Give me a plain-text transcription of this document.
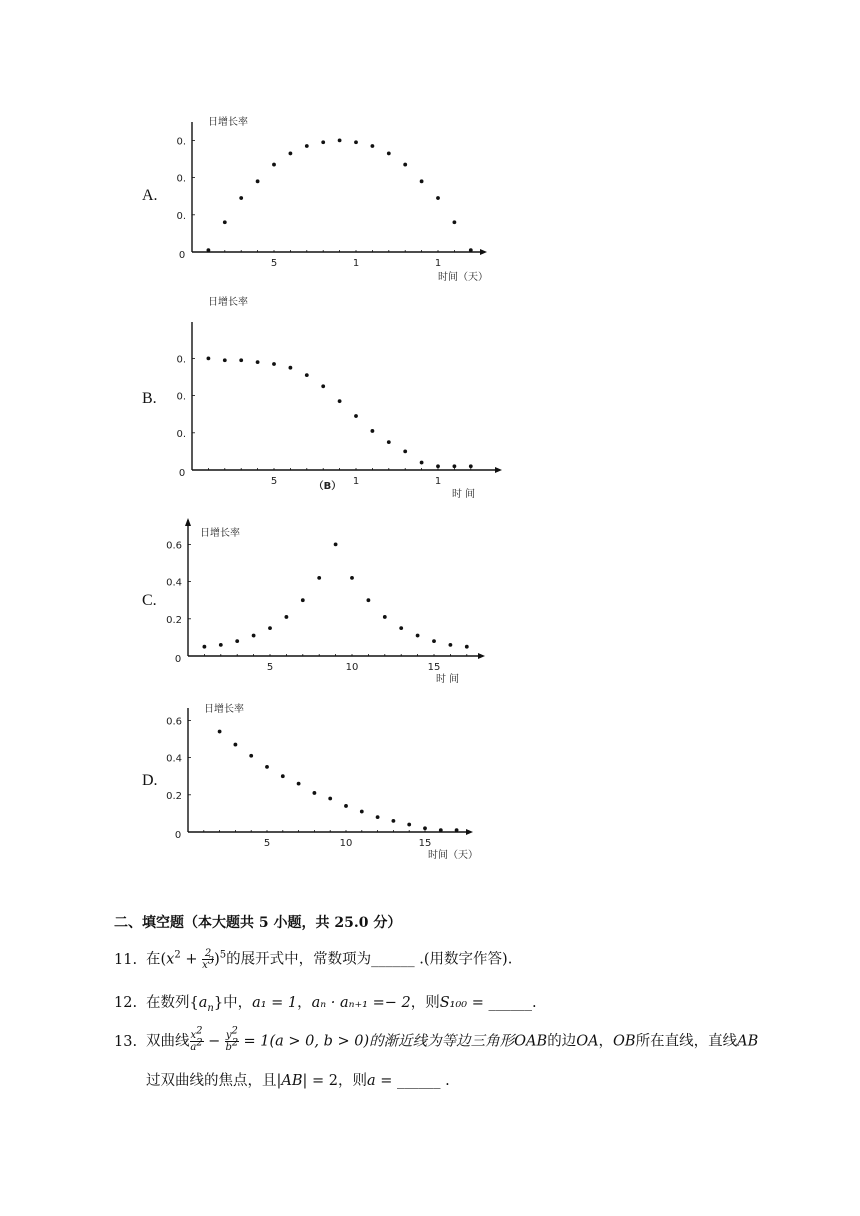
A.
B.
C.
D.
5	1	1
0.
0.
0.
0
日增长率
时间（天）
5	1	1
0.
0.
0.
0
日增长率
时 间
（B）
5	10	15
0.2
0.4
0.6
0
日增长率
时 间
5	10	15
0.2
0.4
0.6
0
日增长率
时间（天）
二、填空题（本大题共 5 小题，共 25.0 分）
11. 在$(x^2 + \frac{2}{x^3} )^5$的展开式中，常数项为______ .(用数字作答).
12. 在数列$\{a_n\}$中，a₁ = 1，aₙ · aₙ₊₁ =− 2，则S₁₀₀ = ______.
13. 双曲线 $\frac{x^2}{a^2} - \frac{y^2}{b^2} = 1(a > 0$, b > 0)的渐近线为等边三角形OAB的边OA，OB所在直线，直线AB
过双曲线的焦点，且|AB| = 2，则a = ______ .
